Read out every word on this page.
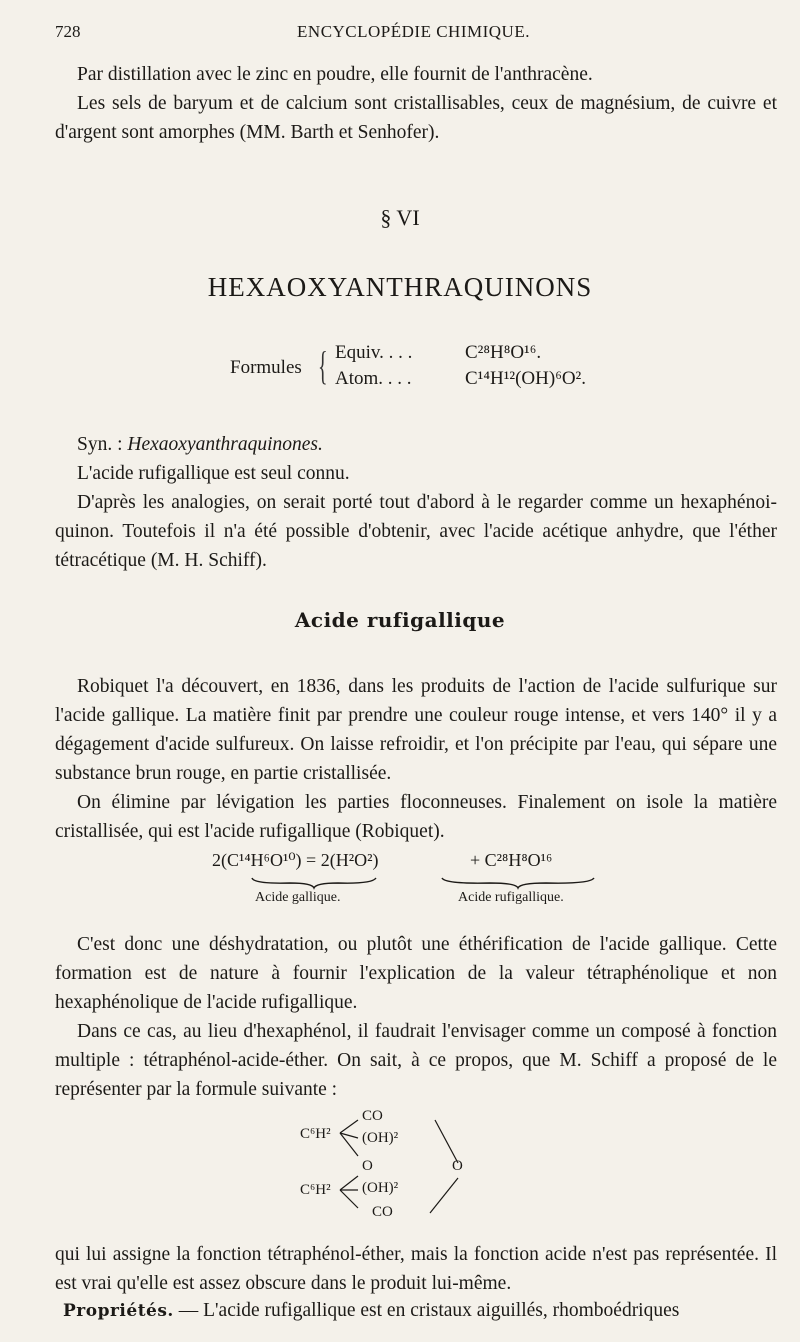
728	ENCYCLOPÉDIE CHIMIQUE.

Par distillation avec le zinc en poudre, elle fournit de l'anthracène.

Les sels de baryum et de calcium sont cristallisables, ceux de magnésium, de cuivre et d'argent sont amorphes (MM. Barth et Senhofer).

§ VI
HEXAOXYANTHRAQUINONS
Formules { Equiv. . . .	C²⁸H⁸O¹⁶.
Atom. . . .	C¹⁴H¹²(OH)⁶O².

Syn. : Hexaoxyanthraquinones.

L'acide rufigallique est seul connu.

D'après les analogies, on serait porté tout d'abord à le regarder comme un hexaphénoi-quinon. Toutefois il n'a été possible d'obtenir, avec l'acide acétique anhydre, que l'éther tétracétique (M. H. Schiff).

Acide rufigallique

Robiquet l'a découvert, en 1836, dans les produits de l'action de l'acide sulfurique sur l'acide gallique. La matière finit par prendre une couleur rouge intense, et vers 140° il y a dégagement d'acide sulfureux. On laisse refroidir, et l'on précipite par l'eau, qui sépare une substance brun rouge, en partie cristallisée.

On élimine par lévigation les parties floconneuses. Finalement on isole la matière cristallisée, qui est l'acide rufigallique (Robiquet).

2(C¹⁴H⁶O¹⁰) = 2(H²O²)	+ C²⁸H⁸O¹⁶
Acide gallique.	Acide rufigallique.

C'est donc une déshydratation, ou plutôt une éthérification de l'acide gallique. Cette formation est de nature à fournir l'explication de la valeur tétraphénolique et non hexaphénolique de l'acide rufigallique.

Dans ce cas, au lieu d'hexaphénol, il faudrait l'envisager comme un composé à fonction multiple : tétraphénol-acide-éther. On sait, à ce propos, que M. Schiff a proposé de le représenter par la formule suivante :

CO
C⁶H² (OH)²
O	O
C⁶H² (OH)²
CO

qui lui assigne la fonction tétraphénol-éther, mais la fonction acide n'est pas représentée. Il est vrai qu'elle est assez obscure dans le produit lui-même.

Propriétés. — L'acide rufigallique est en cristaux aiguillés, rhomboédriques
